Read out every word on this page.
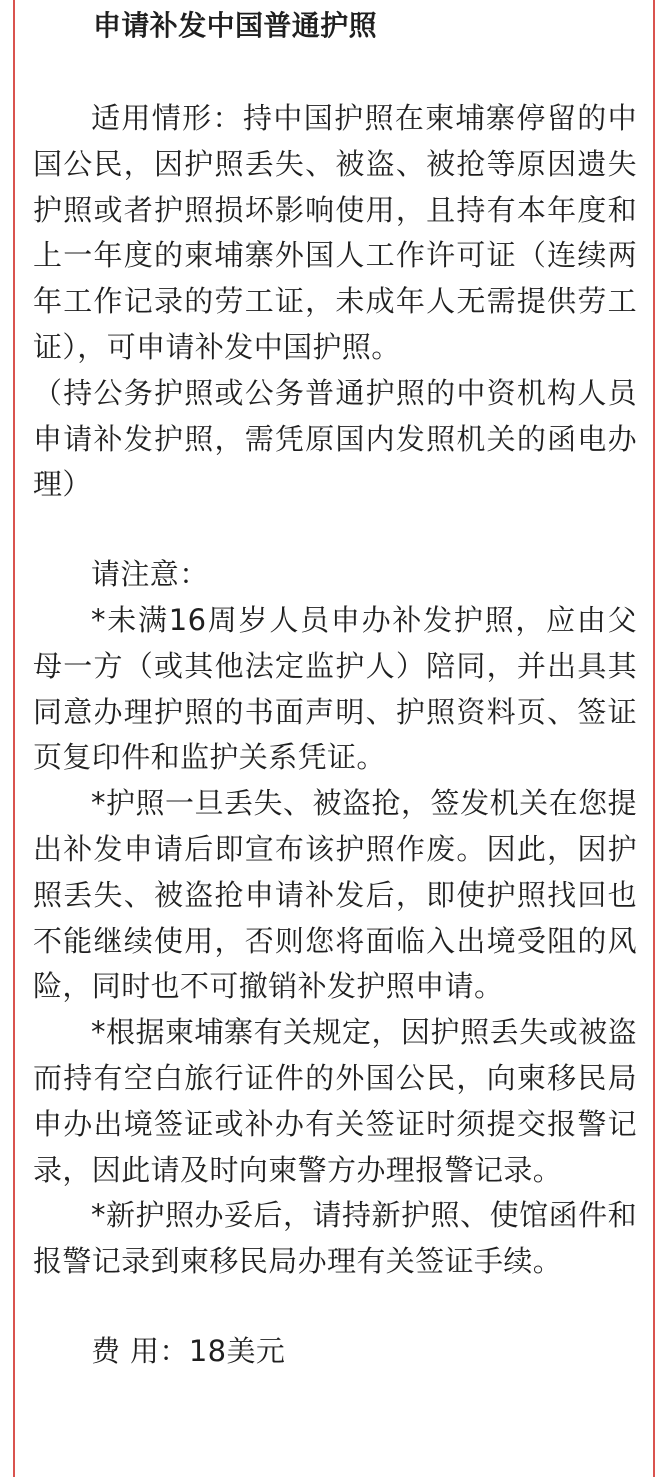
申请补发中国普通护照

适用情形：持中国护照在柬埔寨停留的中国公民，因护照丢失、被盗、被抢等原因遗失护照或者护照损坏影响使用，且持有本年度和上一年度的柬埔寨外国人工作许可证（连续两年工作记录的劳工证，未成年人无需提供劳工证），可申请补发中国护照。

（持公务护照或公务普通护照的中资机构人员申请补发护照，需凭原国内发照机关的函电办理）

请注意：

*未满16周岁人员申办补发护照，应由父母一方（或其他法定监护人）陪同，并出具其同意办理护照的书面声明、护照资料页、签证页复印件和监护关系凭证。

*护照一旦丢失、被盗抢，签发机关在您提出补发申请后即宣布该护照作废。因此，因护照丢失、被盗抢申请补发后，即使护照找回也不能继续使用，否则您将面临入出境受阻的风险，同时也不可撤销补发护照申请。

*根据柬埔寨有关规定，因护照丢失或被盗而持有空白旅行证件的外国公民，向柬移民局申办出境签证或补办有关签证时须提交报警记录，因此请及时向柬警方办理报警记录。

*新护照办妥后，请持新护照、使馆函件和报警记录到柬移民局办理有关签证手续。

费 用：18美元
